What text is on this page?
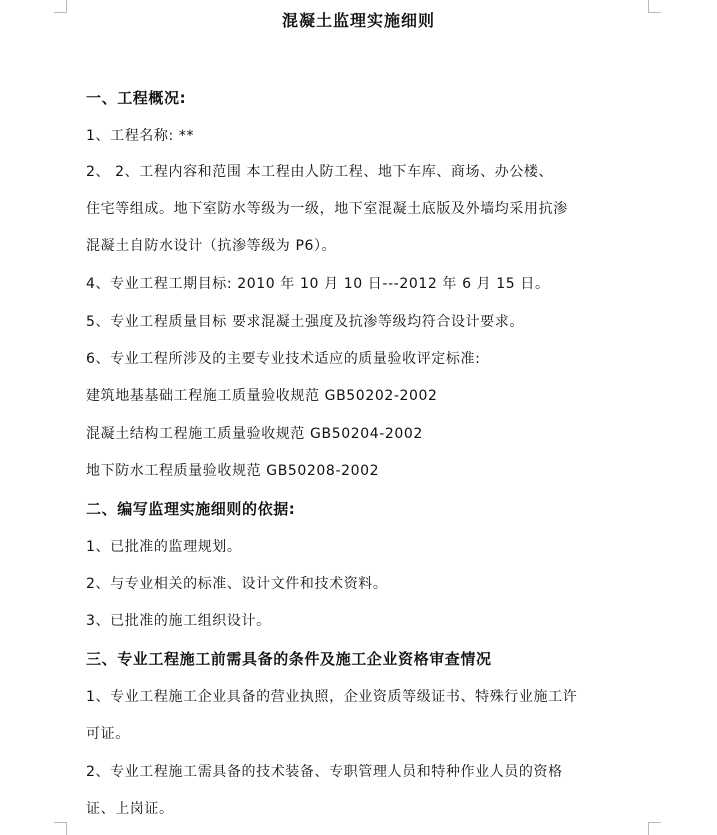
混凝土监理实施细则
一、工程概况:
1、工程名称: **
2、 2、工程内容和范围 本工程由人防工程、地下车库、商场、办公楼、
住宅等组成。地下室防水等级为一级，地下室混凝土底版及外墙均采用抗渗
混凝土自防水设计（抗渗等级为 P6）。
4、专业工程工期目标: 2010 年 10 月 10 日---2012 年 6 月 15 日。
5、专业工程质量目标 要求混凝土强度及抗渗等级均符合设计要求。
6、专业工程所涉及的主要专业技术适应的质量验收评定标准:
建筑地基基础工程施工质量验收规范 GB50202-2002
混凝土结构工程施工质量验收规范 GB50204-2002
地下防水工程质量验收规范 GB50208-2002
二、编写监理实施细则的依据:
1、已批准的监理规划。
2、与专业相关的标准、设计文件和技术资料。
3、已批准的施工组织设计。
三、专业工程施工前需具备的条件及施工企业资格审查情况
1、专业工程施工企业具备的营业执照，企业资质等级证书、特殊行业施工许
可证。
2、专业工程施工需具备的技术装备、专职管理人员和特种作业人员的资格
证、上岗证。
